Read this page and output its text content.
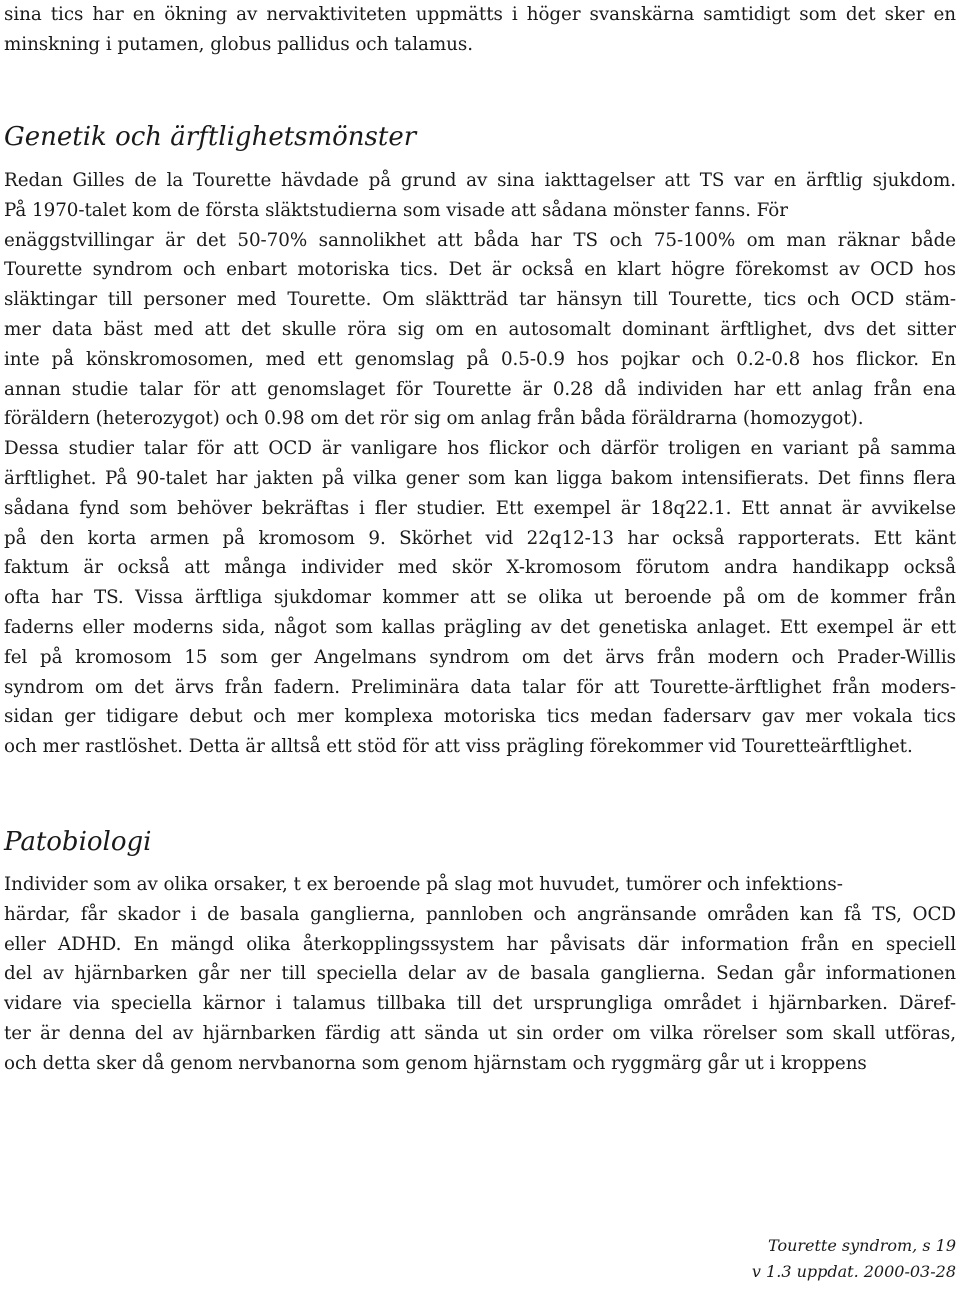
sina tics har en ökning av nervaktiviteten uppmätts i höger svanskärna samtidigt som det sker en
minskning i putamen, globus pallidus och talamus.
Genetik och ärftlighetsmönster
Redan Gilles de la Tourette hävdade på grund av sina iakttagelser att TS var en ärftlig sjukdom.
På 1970-talet kom de första släktstudierna som visade att sådana mönster fanns. För
enäggstvillingar är det 50-70% sannolikhet att båda har TS och 75-100% om man räknar både
Tourette syndrom och enbart motoriska tics. Det är också en klart högre förekomst av OCD hos
släktingar till personer med Tourette. Om släktträd tar hänsyn till Tourette, tics och OCD stäm-
mer data bäst med att det skulle röra sig om en autosomalt dominant ärftlighet, dvs det sitter
inte på könskromosomen, med ett genomslag på 0.5-0.9 hos pojkar och 0.2-0.8 hos flickor. En
annan studie talar för att genomslaget för Tourette är 0.28 då individen har ett anlag från ena
föräldern (heterozygot) och 0.98 om det rör sig om anlag från båda föräldrarna (homozygot).
Dessa studier talar för att OCD är vanligare hos flickor och därför troligen en variant på samma
ärftlighet. På 90-talet har jakten på vilka gener som kan ligga bakom intensifierats. Det finns flera
sådana fynd som behöver bekräftas i fler studier. Ett exempel är 18q22.1. Ett annat är avvikelse
på den korta armen på kromosom 9. Skörhet vid 22q12-13 har också rapporterats. Ett känt
faktum är också att många individer med skör X-kromosom förutom andra handikapp också
ofta har TS. Vissa ärftliga sjukdomar kommer att se olika ut beroende på om de kommer från
faderns eller moderns sida, något som kallas prägling av det genetiska anlaget. Ett exempel är ett
fel på kromosom 15 som ger Angelmans syndrom om det ärvs från modern och Prader-Willis
syndrom om det ärvs från fadern. Preliminära data talar för att Tourette-ärftlighet från moders-
sidan ger tidigare debut och mer komplexa motoriska tics medan fadersarv gav mer vokala tics
och mer rastlöshet. Detta är alltså ett stöd för att viss prägling förekommer vid Touretteärftlighet.
Patobiologi
Individer som av olika orsaker, t ex beroende på slag mot huvudet, tumörer och infektions-
härdar, får skador i de basala ganglierna, pannloben och angränsande områden kan få TS, OCD
eller ADHD. En mängd olika återkopplingssystem har påvisats där information från en speciell
del av hjärnbarken går ner till speciella delar av de basala ganglierna. Sedan går informationen
vidare via speciella kärnor i talamus tillbaka till det ursprungliga området i hjärnbarken. Däref-
ter är denna del av hjärnbarken färdig att sända ut sin order om vilka rörelser som skall utföras,
och detta sker då genom nervbanorna som genom hjärnstam och ryggmärg går ut i kroppens
Tourette syndrom, s 19
v 1.3 uppdat. 2000-03-28
